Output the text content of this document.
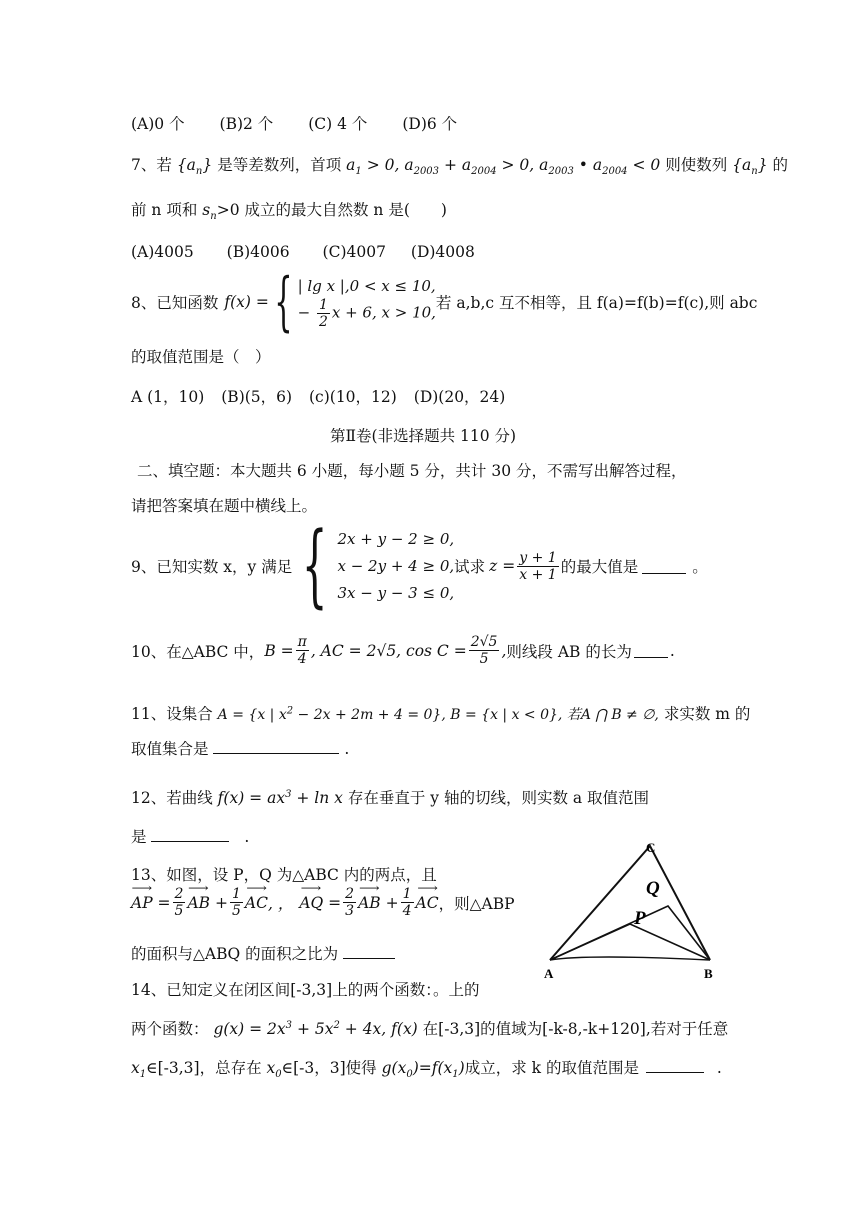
(A)0 个 (B)2 个 (C) 4 个 (D)6 个
7、若 $\{a_n\}$ 是等差数列，首项 $a_1 > 0$, $a_{2003} + a_{2004} > 0$, $a_{2003}$ • $a_{2004} < 0$ 则使数列 $\{a_n\}$ 的
前 n 项和 $s_n>0$ 成立的最大自然数 n 是(　　)
(A)4005 (B)4006 (C)4007 (D)4008
8、已知函数 f(x) = { | lg x |,0 < x ≤ 10,
− $\frac{1}{2}$ x + 6, x > 10, 若 a,b,c 互不相等，且 f(a)=f(b)=f(c),则 abc
的取值范围是（　）
A (1，10) (B)(5，6) (c)(10，12) (D)(20，24)
第Ⅱ卷(非选择题共 110 分)
二、填空题：本大题共 6 小题，每小题 5 分，共计 30 分，不需写出解答过程，
请把答案填在题中横线上。
9、已知实数 x，y 满足 { 2x + y − 2 ≥ 0,
x − 2y + 4 ≥ 0,
3x − y − 3 ≤ 0,
试求 $z = \frac{y + 1}{x + 1}$ 的最大值是	。
10、在△ABC 中， $B = \frac{\pi}{4}$ , AC = 2√5, $\cos C = \frac{2√5}{5}$ , 则线段 AB 的长为 .
11、设集合 A = {x | $x^2 - 2x + 2m + 4 = 0$}, B = {x | x < 0}, 若A ⋂ B ≠ ∅, 求实数 m 的
取值集合是	.
12、若曲线 $f(x) = ax^3 + \ln x$ 存在垂直于 y 轴的切线，则实数 a 取值范围
是	.
13、如图，设 P，Q 为△ABC 内的两点，且
⟶ AP = $\frac{2}{5}$ ⟶ AB + $\frac{1}{5}$ ⟶ AC , ， ⟶ AQ = $\frac{2}{3}$ ⟶ AB + $\frac{1}{4}$ ⟶ AC ，则△ABP
的面积与△ABQ 的面积之比为
C
Q
P
A	B
14、已知定义在闭区间[-3,3]上的两个函数：。上的
两个函数： $g(x) = 2x^3 + 5x^2 + 4x$, f(x) 在[-3,3]的值域为[-k-8,-k+120],若对于任意
$x_1\in[-3,3]$，总存在 $x_0\in[-3$，3]使得 $g(x_0)=f(x_1)$成立，求 k 的取值范围是	.
